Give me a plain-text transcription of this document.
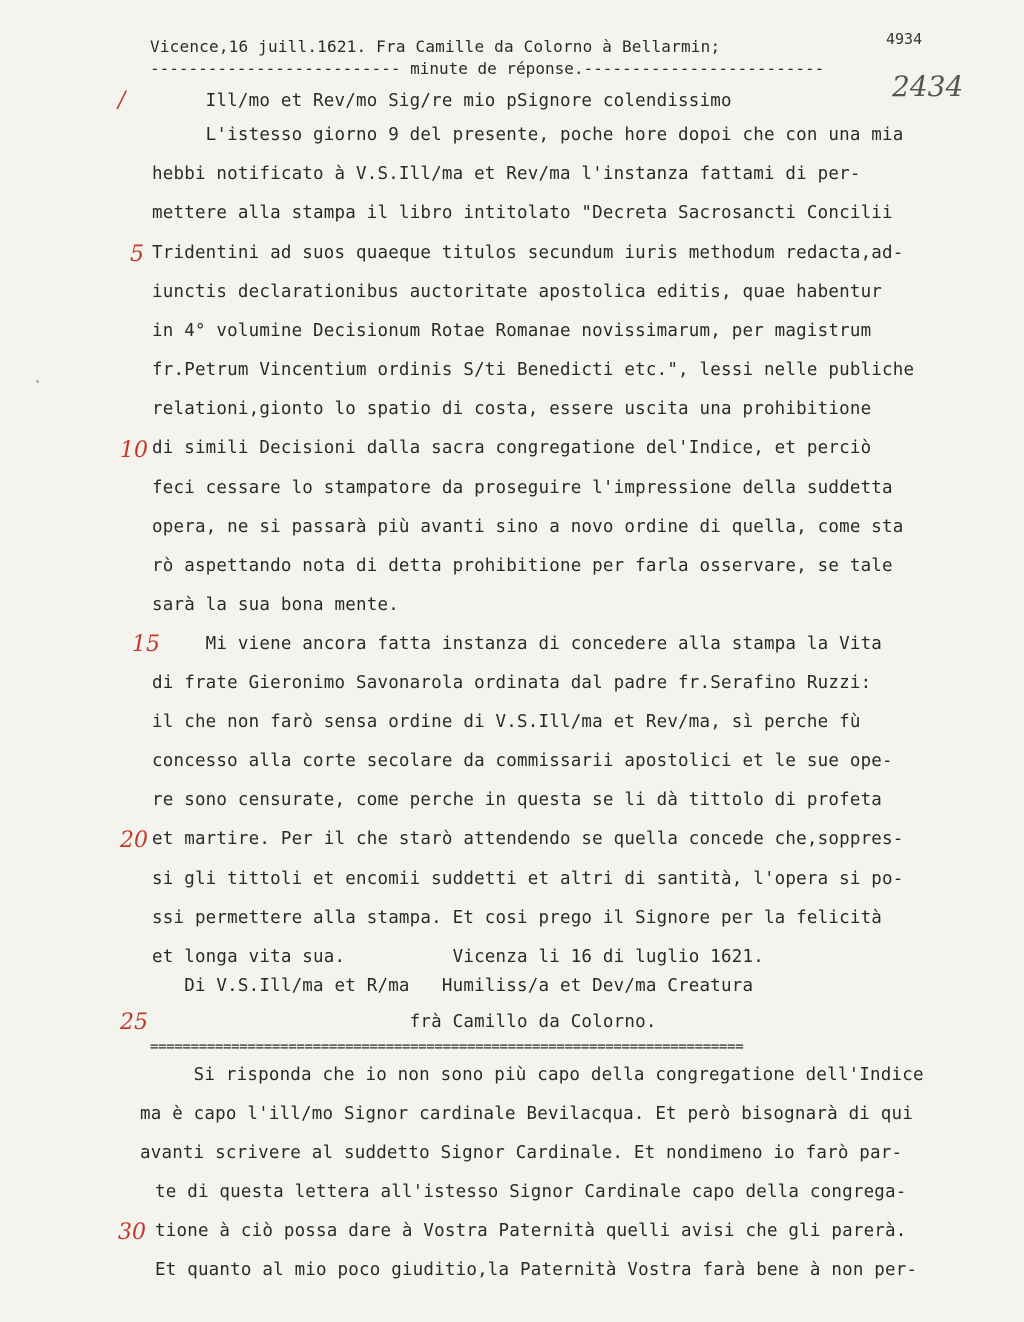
Vicence,16 juill.1621. Fra Camille da Colorno à Bellarmin;	4934
-------------------------- minute de réponse.-------------------------
2434
/
5
10
15
20
25
30
Ill/mo et Rev/mo Sig/re mio pSignore colendissimo
L'istesso giorno 9 del presente, poche hore dopoi che con una mia
hebbi notificato à V.S.Ill/ma et Rev/ma l'instanza fattami di per-
mettere alla stampa il libro intitolato "Decreta Sacrosancti Concilii
Tridentini ad suos quaeque titulos secundum iuris methodum redacta,ad-
iunctis declarationibus auctoritate apostolica editis, quae habentur
in 4° volumine Decisionum Rotae Romanae novissimarum, per magistrum
fr.Petrum Vincentium ordinis S/ti Benedicti etc.", lessi nelle publiche
relationi,gionto lo spatio di costa, essere uscita una prohibitione
di simili Decisioni dalla sacra congregatione del'Indice, et perciò
feci cessare lo stampatore da proseguire l'impressione della suddetta
opera, ne si passarà più avanti sino a novo ordine di quella, come sta
rò aspettando nota di detta prohibitione per farla osservare, se tale
sarà la sua bona mente.
Mi viene ancora fatta instanza di concedere alla stampa la Vita
di frate Gieronimo Savonarola ordinata dal padre fr.Serafino Ruzzi:
il che non farò sensa ordine di V.S.Ill/ma et Rev/ma, sì perche fù
concesso alla corte secolare da commissarii apostolici et le sue ope-
re sono censurate, come perche in questa se li dà tittolo di profeta
et martire. Per il che starò attendendo se quella concede che,soppres-
si gli tittoli et encomii suddetti et altri di santità, l'opera si po-
ssi permettere alla stampa. Et cosi prego il Signore per la felicità
et longa vita sua.          Vicenza li 16 di luglio 1621.
Di V.S.Ill/ma et R/ma   Humiliss/a et Dev/ma Creatura
frà Camillo da Colorno.
=========================================================================
Si risponda che io non sono più capo della congregatione dell'Indice
ma è capo l'ill/mo Signor cardinale Bevilacqua. Et però bisognarà di qui
avanti scrivere al suddetto Signor Cardinale. Et nondimeno io farò par-
te di questa lettera all'istesso Signor Cardinale capo della congrega-
tione à ciò possa dare à Vostra Paternità quelli avisi che gli parerà.
Et quanto al mio poco giuditio,la Paternità Vostra farà bene à non per-
